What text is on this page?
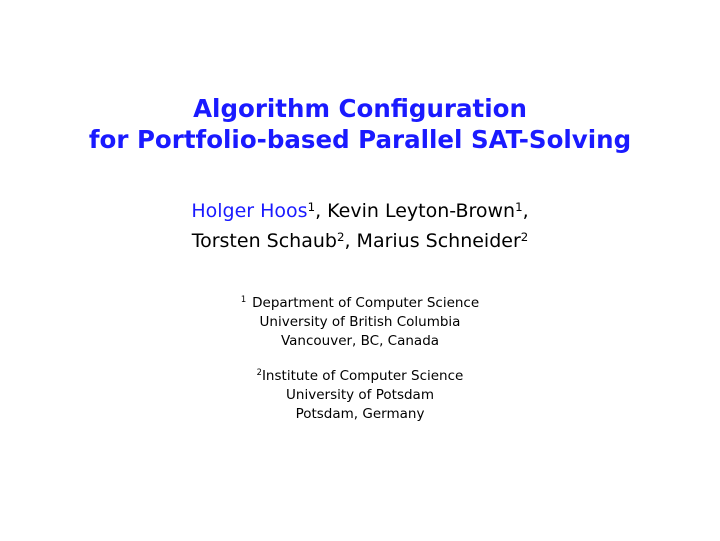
Algorithm Configuration
for Portfolio-based Parallel SAT-Solving
Holger Hoos$^1$, Kevin Leyton-Brown$^1$,
Torsten Schaub$^2$, Marius Schneider$^2$
$^1$ Department of Computer Science
University of British Columbia
Vancouver, BC, Canada
$^2$Institute of Computer Science
University of Potsdam
Potsdam, Germany
